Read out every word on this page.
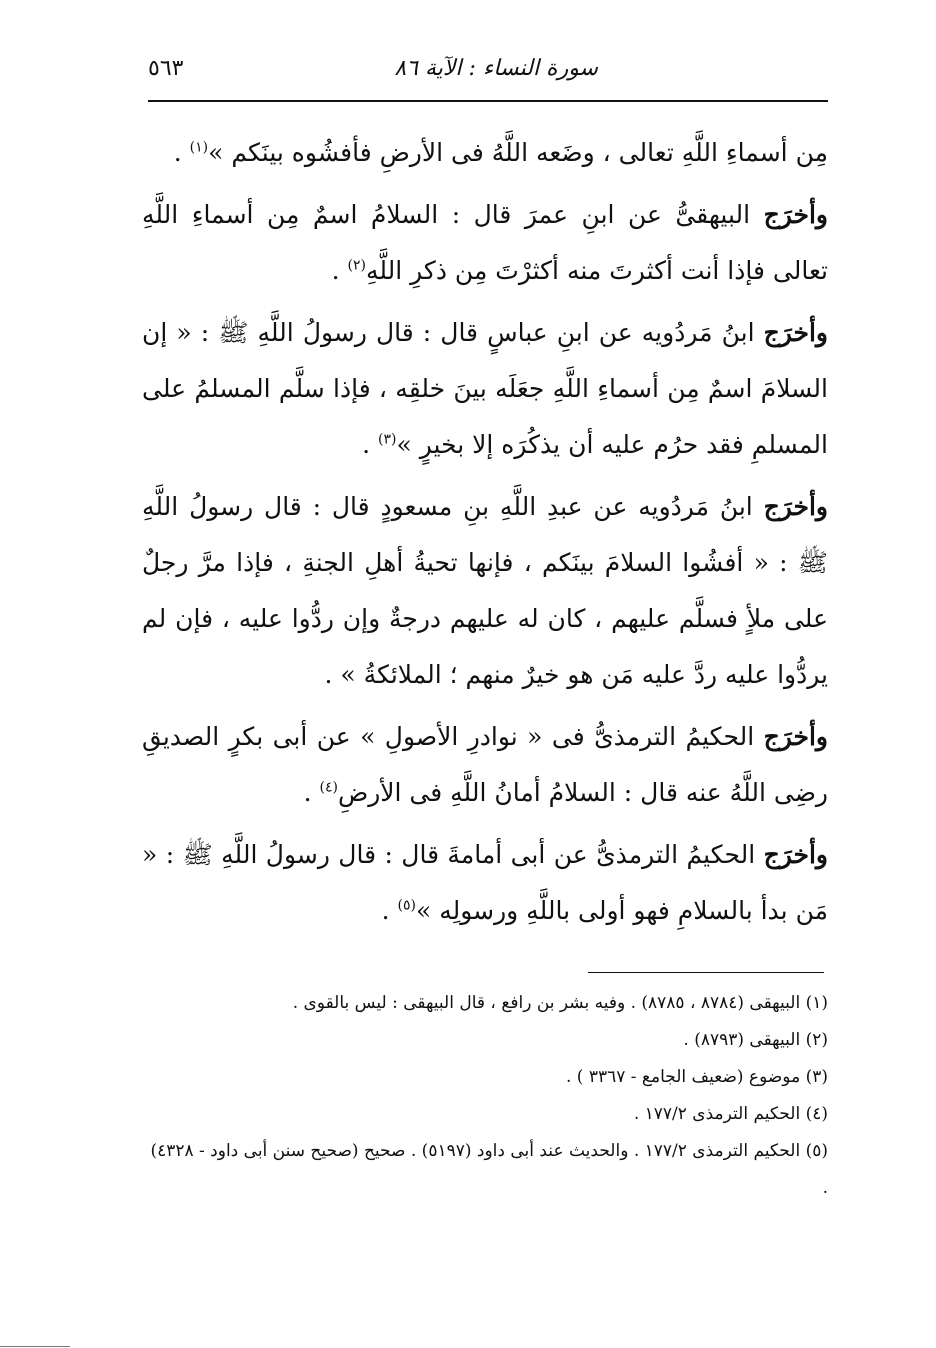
سورة النساء : الآية ٨٦
٥٦٣

مِن أسماءِ اللَّهِ تعالى ، وضَعه اللَّهُ فى الأرضِ فأفشُوه بينَكم »$^{(١)}$ .

وأخرَج البيهقىُّ عن ابنِ عمرَ قال : السلامُ اسمٌ مِن أسماءِ اللَّهِ تعالى فإذا أنت أكثرتَ منه أكثرْتَ مِن ذكرِ اللَّهِ$^{(٢)}$ .

وأخرَج ابنُ مَردُويه عن ابنِ عباسٍ قال : قال رسولُ اللَّهِ ﷺ : « إن السلامَ اسمٌ مِن أسماءِ اللَّهِ جعَلَه بينَ خلقِه ، فإذا سلَّم المسلمُ على المسلمِ فقد حرُم عليه أن يذكُرَه إلا بخيرٍ »$^{(٣)}$ .

وأخرَج ابنُ مَردُويه عن عبدِ اللَّهِ بنِ مسعودٍ قال : قال رسولُ اللَّهِ ﷺ : « أفشُوا السلامَ بينَكم ، فإنها تحيةُ أهلِ الجنةِ ، فإذا مرَّ رجلٌ على ملأٍ فسلَّم عليهم ، كان له عليهم درجةٌ وإن ردُّوا عليه ، فإن لم يردُّوا عليه ردَّ عليه مَن هو خيرٌ منهم ؛ الملائكةُ » .

وأخرَج الحكيمُ الترمذىُّ فى « نوادرِ الأصولِ » عن أبى بكرٍ الصديقِ رضِى اللَّهُ عنه قال : السلامُ أمانُ اللَّهِ فى الأرضِ$^{(٤)}$ .

وأخرَج الحكيمُ الترمذىُّ عن أبى أمامةَ قال : قال رسولُ اللَّهِ ﷺ : « مَن بدأ بالسلامِ فهو أولى باللَّهِ ورسولِه »$^{(٥)}$ .

(١) البيهقى (٨٧٨٤ ، ٨٧٨٥) . وفيه بشر بن رافع ، قال البيهقى : ليس بالقوى .

(٢) البيهقى (٨٧٩٣) .

(٣) موضوع (ضعيف الجامع - ٣٣٦٧ ) .

(٤) الحكيم الترمذى ١٧٧/٢ .

(٥) الحكيم الترمذى ١٧٧/٢ . والحديث عند أبى داود (٥١٩٧) . صحيح (صحيح سنن أبى داود - ٤٣٢٨) .
